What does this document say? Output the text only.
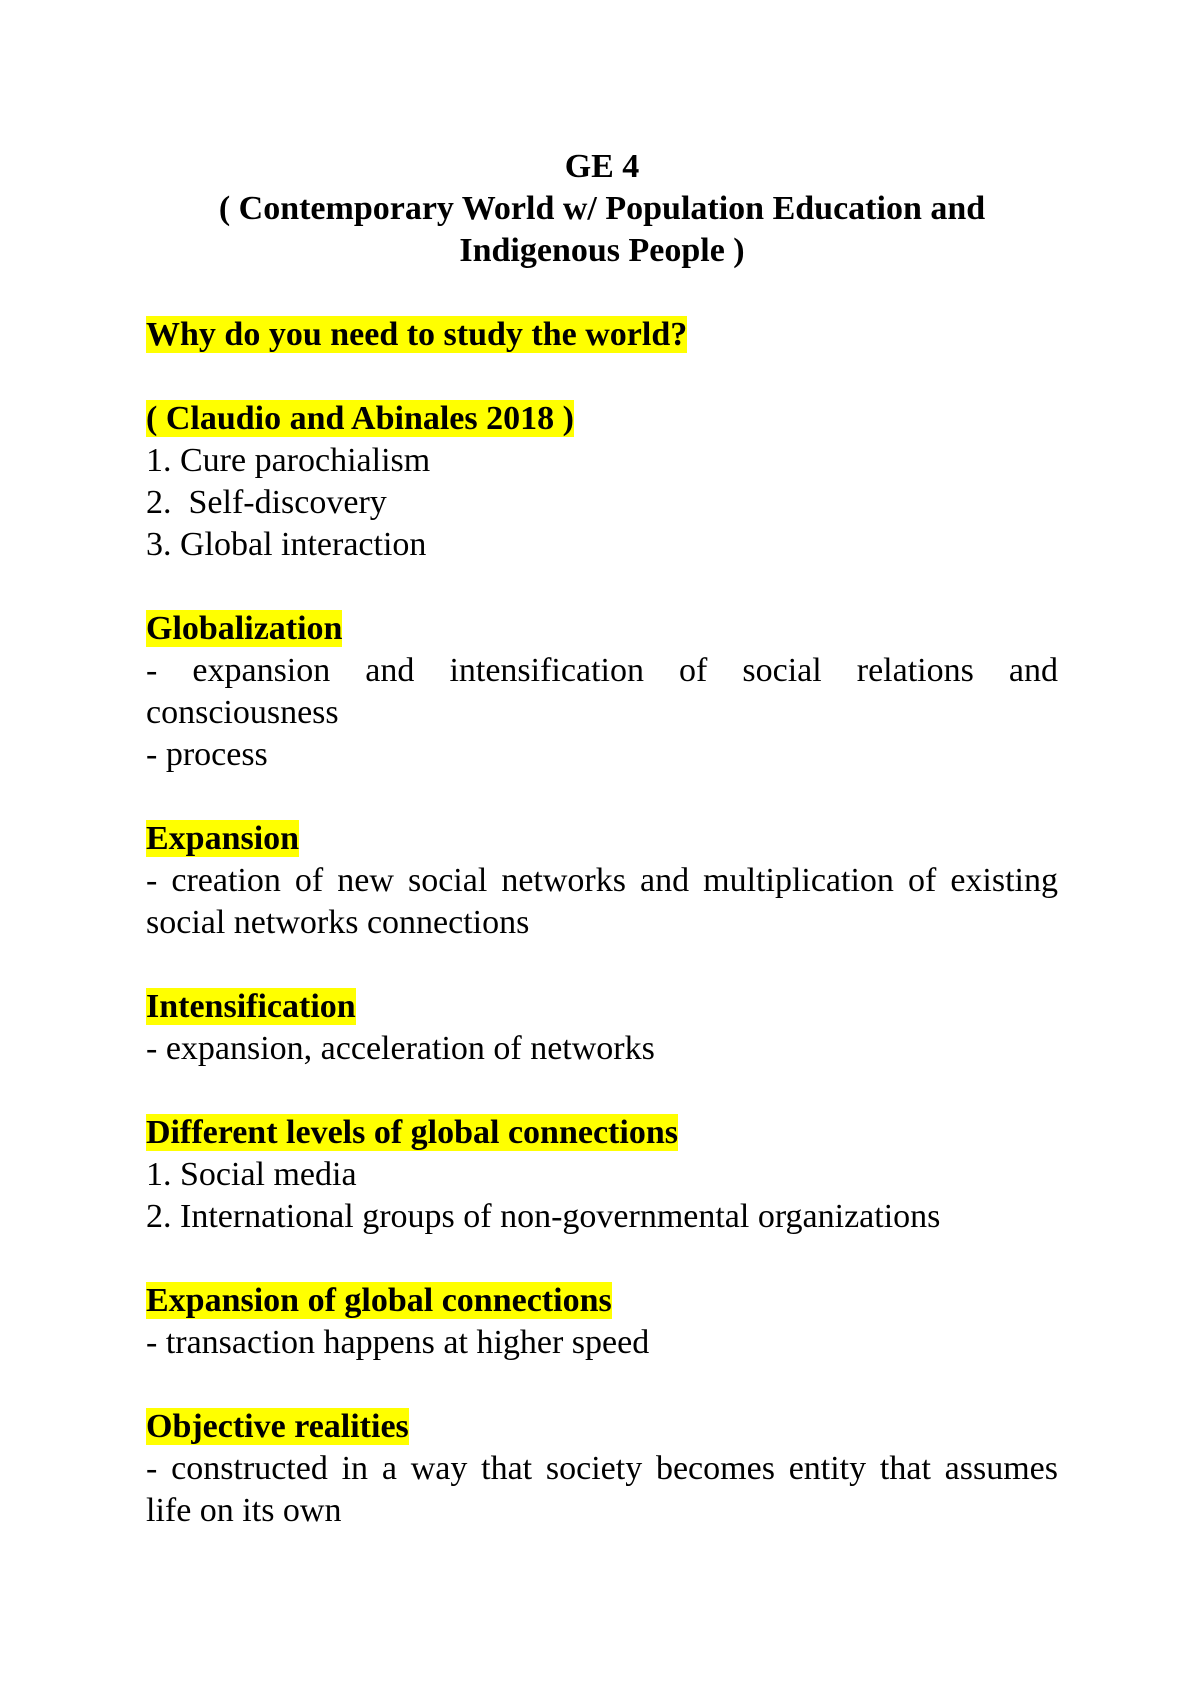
GE 4
( Contemporary World w/ Population Education and
Indigenous People )
Why do you need to study the world?
( Claudio and Abinales 2018 )
1. Cure parochialism
2.  Self-discovery
3. Global interaction
Globalization
- expansion and intensification of social relations and consciousness
- process
Expansion
- creation of new social networks and multiplication of existing social networks connections
Intensification
- expansion, acceleration of networks
Different levels of global connections
1. Social media
2. International groups of non-governmental organizations
Expansion of global connections
- transaction happens at higher speed
Objective realities
- constructed in a way that society becomes entity that assumes life on its own
